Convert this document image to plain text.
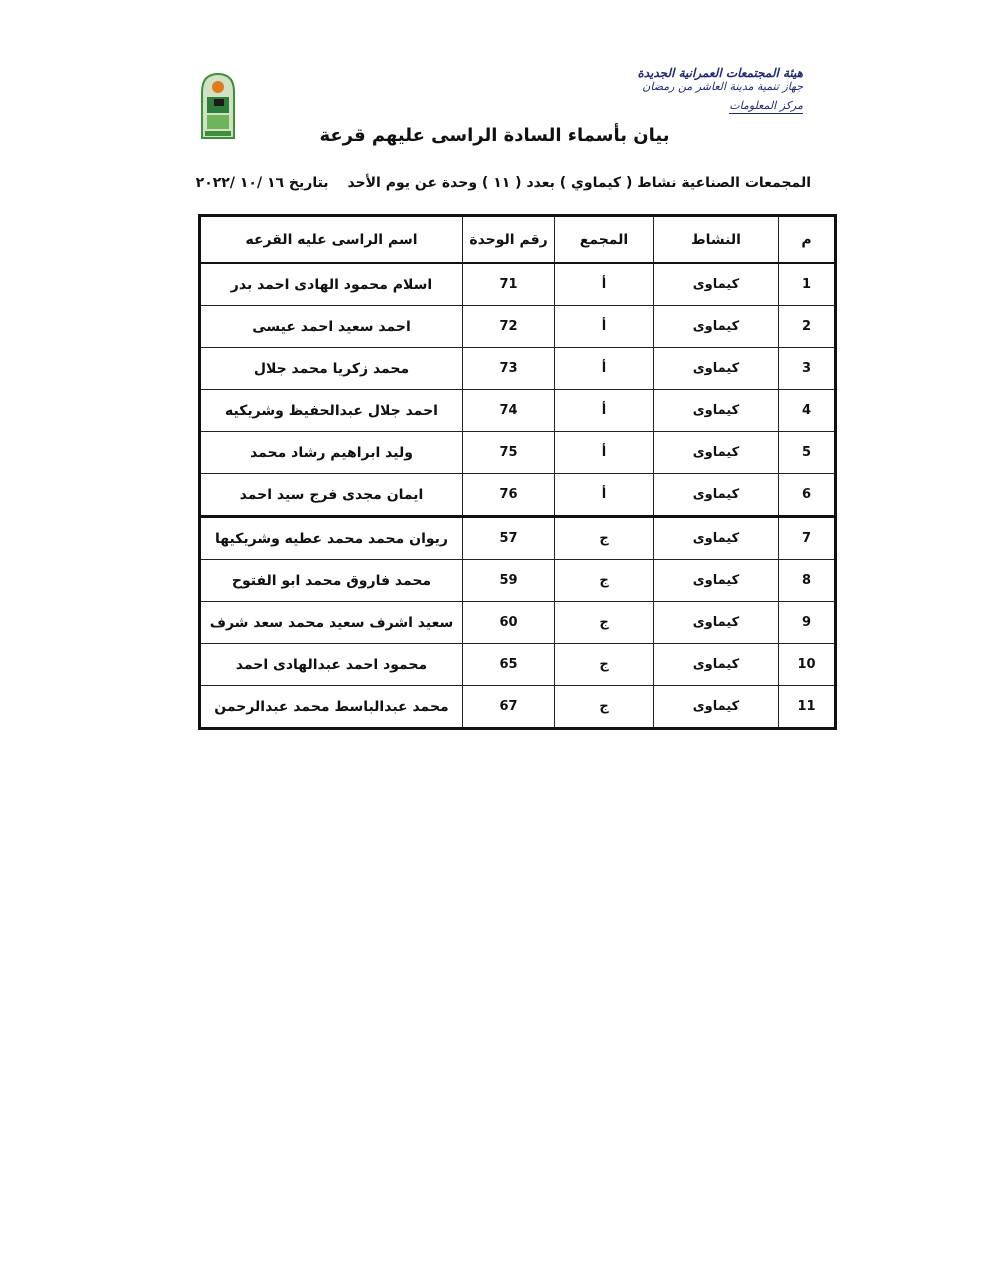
هيئة المجتمعات العمرانية الجديدة
جهاز تنمية مدينة العاشر من رمضان
مركز المعلومات
بيان بأسماء السادة الراسى عليهم قرعة

المجمعات الصناعية نشاط ( كيماوي ) بعدد ( ١١ ) وحدة عن يوم الأحد بتاريخ ١٦ /١٠ /٢٠٢٢

م	النشاط	المجمع	رقم الوحدة	اسم الراسى عليه القرعه
1	كيماوى	أ	71	اسلام محمود الهادى احمد بدر
2	كيماوى	أ	72	احمد سعيد احمد عيسى
3	كيماوى	أ	73	محمد زكريا محمد جلال
4	كيماوى	أ	74	احمد جلال عبدالحفيظ وشريكيه
5	كيماوى	أ	75	وليد ابراهيم رشاد محمد
6	كيماوى	أ	76	ايمان مجدى فرج سيد احمد
7	كيماوى	ج	57	ريوان محمد محمد عطيه وشريكيها
8	كيماوى	ج	59	محمد فاروق محمد ابو الفتوح
9	كيماوى	ج	60	سعيد اشرف سعيد محمد سعد شرف
10	كيماوى	ج	65	محمود احمد عبدالهادى احمد
11	كيماوى	ج	67	محمد عبدالباسط محمد عبدالرحمن
